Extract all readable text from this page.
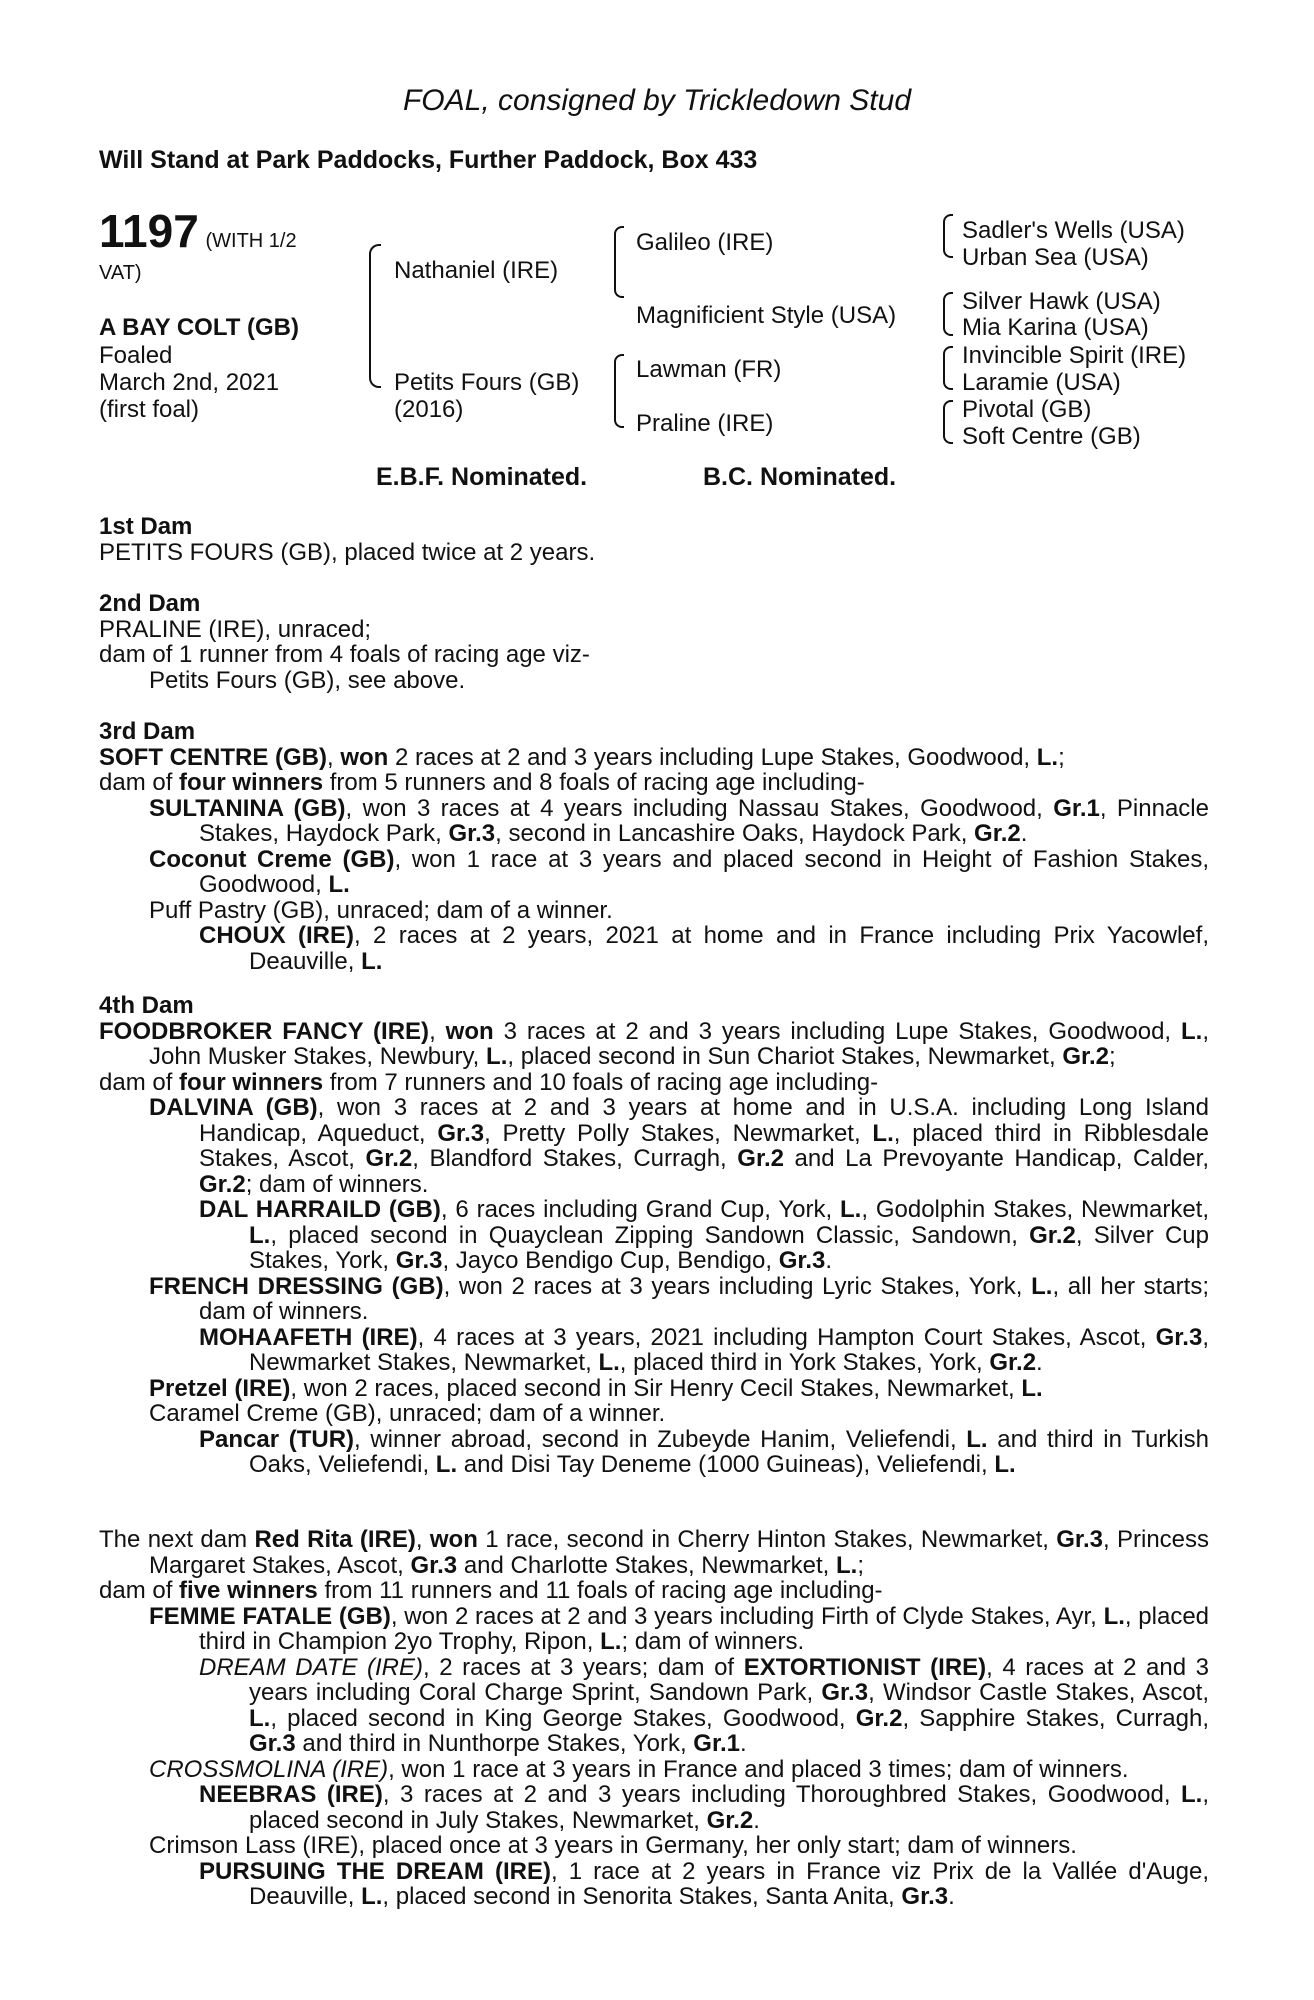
FOAL, consigned by Trickledown Stud
Will Stand at Park Paddocks, Further Paddock, Box 433
1197 (WITH 1/2
VAT)
A BAY COLT (GB)
Foaled
March 2nd, 2021
(first foal)
Nathaniel (IRE)
Petits Fours (GB)
(2016)
Galileo (IRE)
Magnificient Style (USA)
Lawman (FR)
Praline (IRE)
Sadler's Wells (USA)
Urban Sea (USA)
Silver Hawk (USA)
Mia Karina (USA)
Invincible Spirit (IRE)
Laramie (USA)
Pivotal (GB)
Soft Centre (GB)
E.B.F. Nominated.	B.C. Nominated.

1st Dam

PETITS FOURS (GB), placed twice at 2 years.

2nd Dam

PRALINE (IRE), unraced;

dam of 1 runner from 4 foals of racing age viz-

Petits Fours (GB), see above.

3rd Dam

SOFT CENTRE (GB), won 2 races at 2 and 3 years including Lupe Stakes, Goodwood, L.;

dam of four winners from 5 runners and 8 foals of racing age including-

SULTANINA (GB), won 3 races at 4 years including Nassau Stakes, Goodwood, Gr.1, Pinnacle Stakes, Haydock Park, Gr.3, second in Lancashire Oaks, Haydock Park, Gr.2.

Coconut Creme (GB), won 1 race at 3 years and placed second in Height of Fashion Stakes, Goodwood, L.

Puff Pastry (GB), unraced; dam of a winner.

CHOUX (IRE), 2 races at 2 years, 2021 at home and in France including Prix Yacowlef, Deauville, L.

4th Dam

FOODBROKER FANCY (IRE), won 3 races at 2 and 3 years including Lupe Stakes, Goodwood, L., John Musker Stakes, Newbury, L., placed second in Sun Chariot Stakes, Newmarket, Gr.2;

dam of four winners from 7 runners and 10 foals of racing age including-

DALVINA (GB), won 3 races at 2 and 3 years at home and in U.S.A. including Long Island Handicap, Aqueduct, Gr.3, Pretty Polly Stakes, Newmarket, L., placed third in Ribblesdale Stakes, Ascot, Gr.2, Blandford Stakes, Curragh, Gr.2 and La Prevoyante Handicap, Calder, Gr.2; dam of winners.

DAL HARRAILD (GB), 6 races including Grand Cup, York, L., Godolphin Stakes, Newmarket, L., placed second in Quayclean Zipping Sandown Classic, Sandown, Gr.2, Silver Cup Stakes, York, Gr.3, Jayco Bendigo Cup, Bendigo, Gr.3.

FRENCH DRESSING (GB), won 2 races at 3 years including Lyric Stakes, York, L., all her starts; dam of winners.

MOHAAFETH (IRE), 4 races at 3 years, 2021 including Hampton Court Stakes, Ascot, Gr.3, Newmarket Stakes, Newmarket, L., placed third in York Stakes, York, Gr.2.

Pretzel (IRE), won 2 races, placed second in Sir Henry Cecil Stakes, Newmarket, L.

Caramel Creme (GB), unraced; dam of a winner.

Pancar (TUR), winner abroad, second in Zubeyde Hanim, Veliefendi, L. and third in Turkish Oaks, Veliefendi, L. and Disi Tay Deneme (1000 Guineas), Veliefendi, L.

The next dam Red Rita (IRE), won 1 race, second in Cherry Hinton Stakes, Newmarket, Gr.3, Princess Margaret Stakes, Ascot, Gr.3 and Charlotte Stakes, Newmarket, L.;

dam of five winners from 11 runners and 11 foals of racing age including-

FEMME FATALE (GB), won 2 races at 2 and 3 years including Firth of Clyde Stakes, Ayr, L., placed third in Champion 2yo Trophy, Ripon, L.; dam of winners.

DREAM DATE (IRE), 2 races at 3 years; dam of EXTORTIONIST (IRE), 4 races at 2 and 3 years including Coral Charge Sprint, Sandown Park, Gr.3, Windsor Castle Stakes, Ascot, L., placed second in King George Stakes, Goodwood, Gr.2, Sapphire Stakes, Curragh, Gr.3 and third in Nunthorpe Stakes, York, Gr.1.

CROSSMOLINA (IRE), won 1 race at 3 years in France and placed 3 times; dam of winners.

NEEBRAS (IRE), 3 races at 2 and 3 years including Thoroughbred Stakes, Goodwood, L., placed second in July Stakes, Newmarket, Gr.2.

Crimson Lass (IRE), placed once at 3 years in Germany, her only start; dam of winners.

PURSUING THE DREAM (IRE), 1 race at 2 years in France viz Prix de la Vallée d'Auge, Deauville, L., placed second in Senorita Stakes, Santa Anita, Gr.3.
